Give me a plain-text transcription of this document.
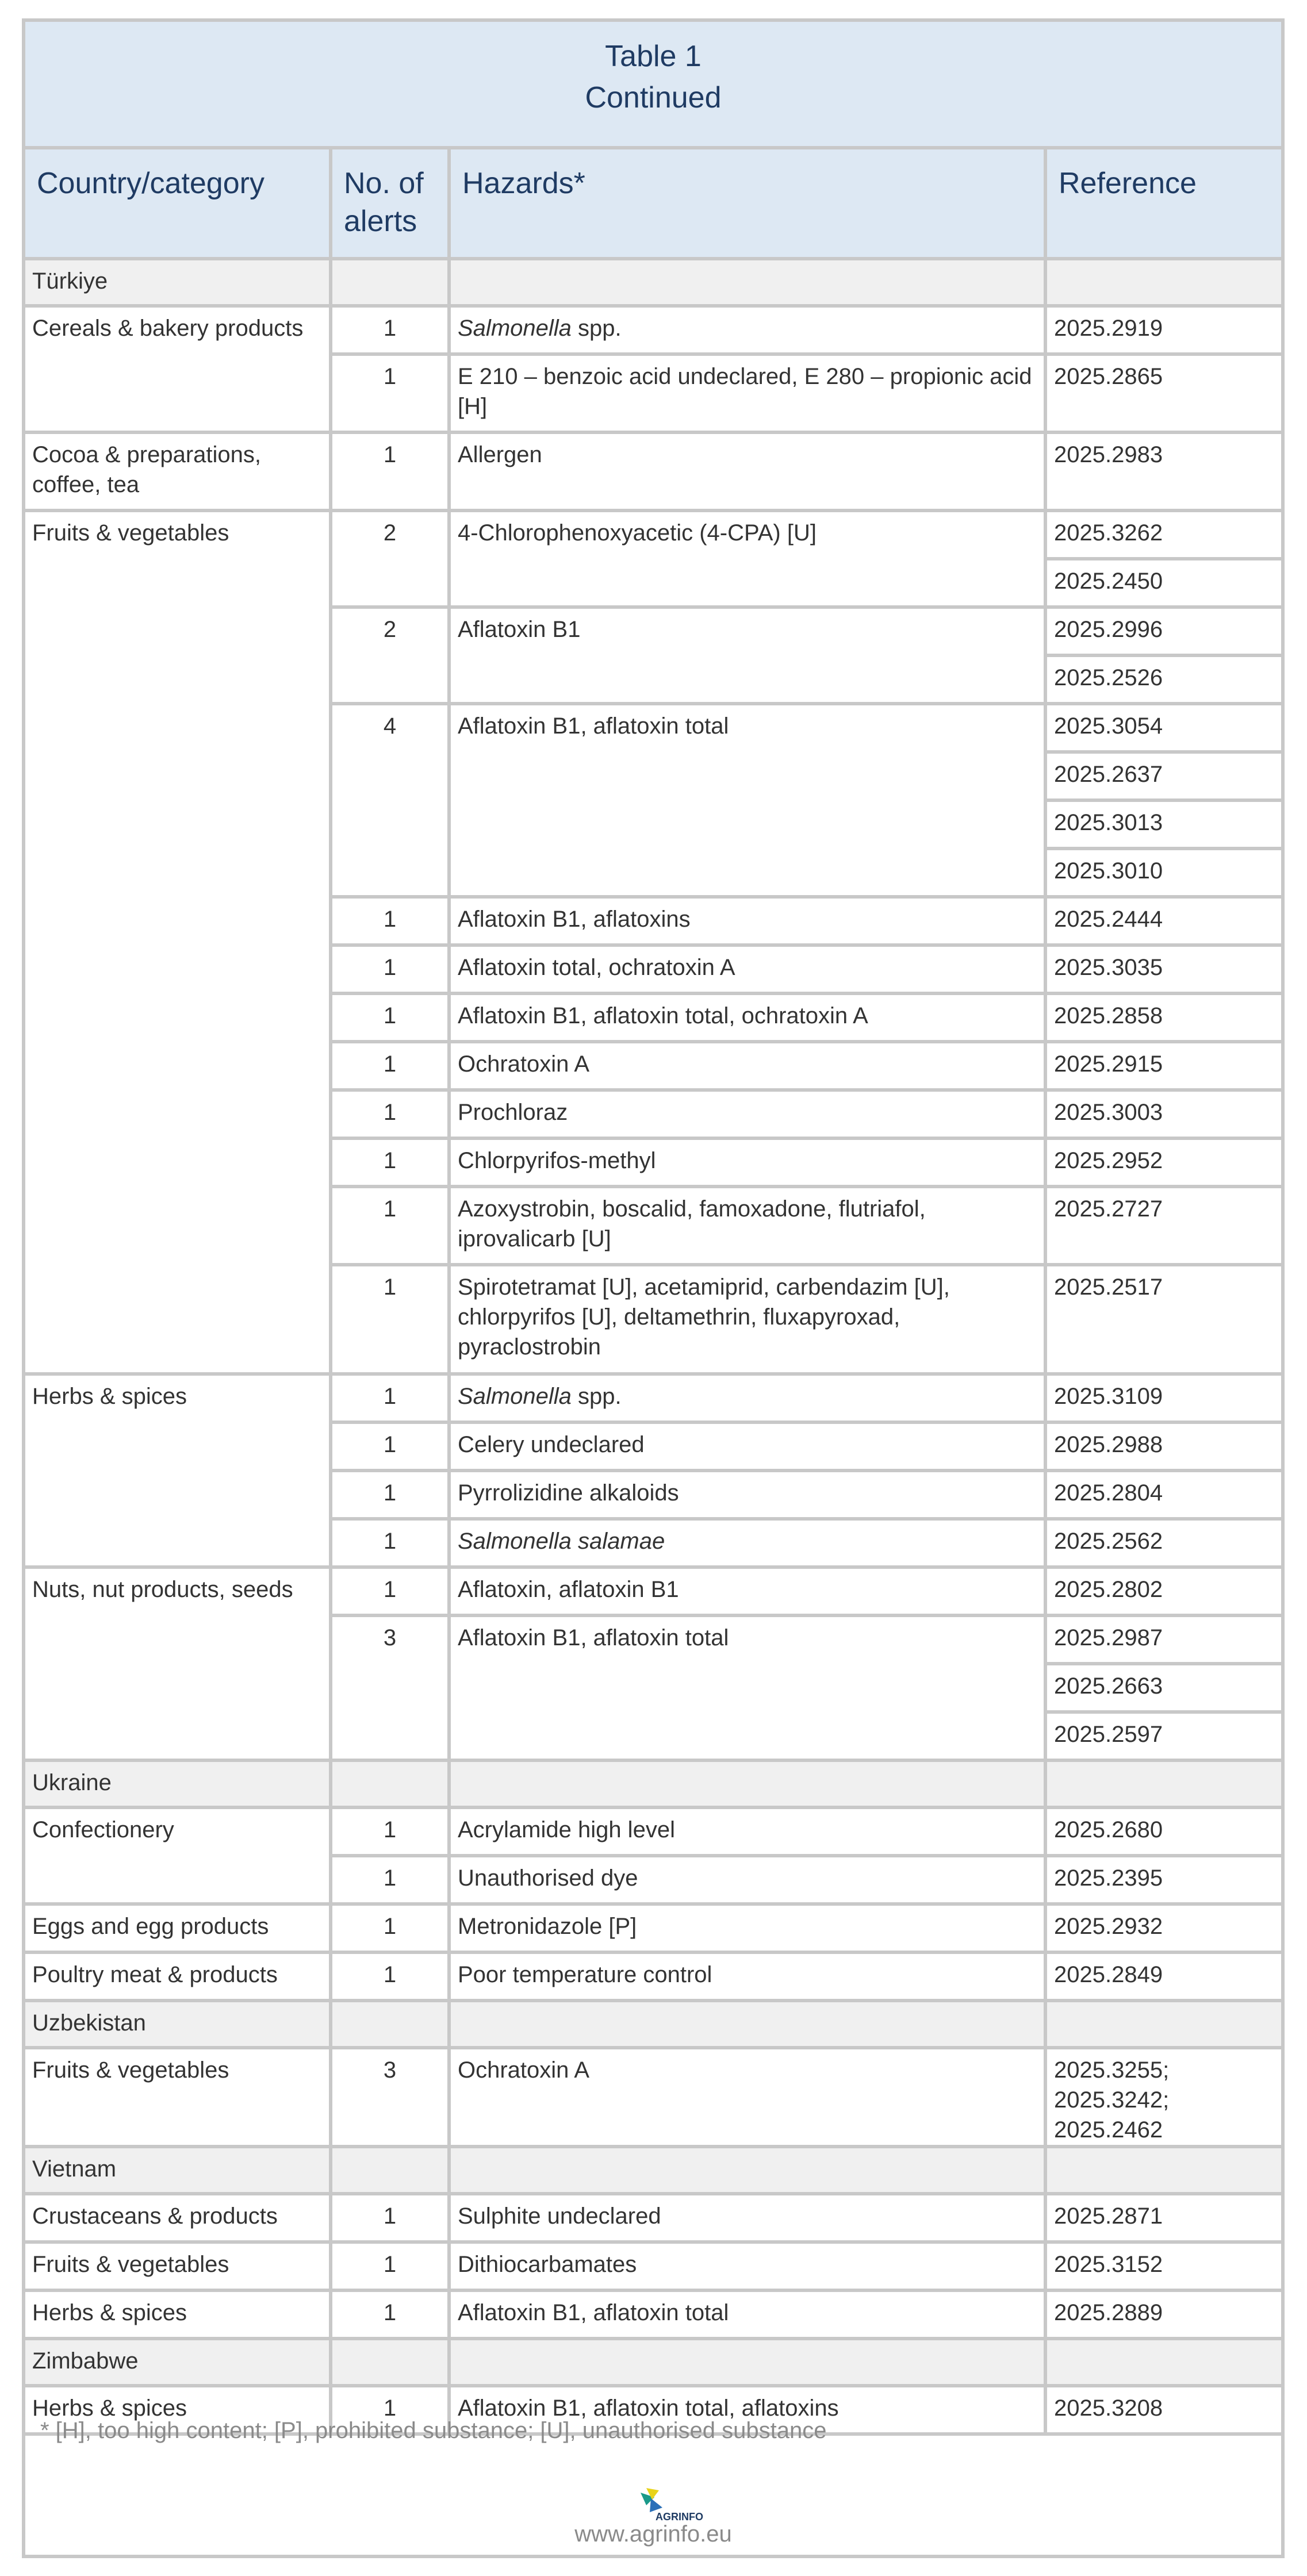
Table 1
Continued
Country/category	No. of alerts	Hazards*	Reference
Türkiye			
Cereals & bakery products	1	Salmonella spp.	2025.2919
	1	E 210 – benzoic acid undeclared, E 280 – propionic acid [H]	2025.2865
Cocoa & preparations, coffee, tea	1	Allergen	2025.2983
Fruits & vegetables	2	4-Chlorophenoxyacetic (4-CPA) [U]	2025.3262
			2025.2450
	2	Aflatoxin B1	2025.2996
			2025.2526
	4	Aflatoxin B1, aflatoxin total	2025.3054
			2025.2637
			2025.3013
			2025.3010
	1	Aflatoxin B1, aflatoxins	2025.2444
	1	Aflatoxin total, ochratoxin A	2025.3035
	1	Aflatoxin B1, aflatoxin total, ochratoxin A	2025.2858
	1	Ochratoxin A	2025.2915
	1	Prochloraz	2025.3003
	1	Chlorpyrifos-methyl	2025.2952
	1	Azoxystrobin, boscalid, famoxadone, flutriafol, iprovalicarb [U]	2025.2727
	1	Spirotetramat [U], acetamiprid, carbendazim [U], chlorpyrifos [U], deltamethrin, fluxapyroxad, pyraclostrobin	2025.2517
Herbs & spices	1	Salmonella spp.	2025.3109
	1	Celery undeclared	2025.2988
	1	Pyrrolizidine alkaloids	2025.2804
	1	Salmonella salamae	2025.2562
Nuts, nut products, seeds	1	Aflatoxin, aflatoxin B1	2025.2802
	3	Aflatoxin B1, aflatoxin total	2025.2987
			2025.2663
			2025.2597
Ukraine			
Confectionery	1	Acrylamide high level	2025.2680
	1	Unauthorised dye	2025.2395
Eggs and egg products	1	Metronidazole [P]	2025.2932
Poultry meat & products	1	Poor temperature control	2025.2849
Uzbekistan			
Fruits & vegetables	3	Ochratoxin A	2025.3255; 2025.3242; 2025.2462
Vietnam			
Crustaceans & products	1	Sulphite undeclared	2025.2871
Fruits & vegetables	1	Dithiocarbamates	2025.3152
Herbs & spices	1	Aflatoxin B1, aflatoxin total	2025.2889
Zimbabwe			
Herbs & spices	1	Aflatoxin B1, aflatoxin total, aflatoxins	2025.3208
* [H], too high content; [P], prohibited substance; [U], unauthorised substance
AGRINFO
www.agrinfo.eu
